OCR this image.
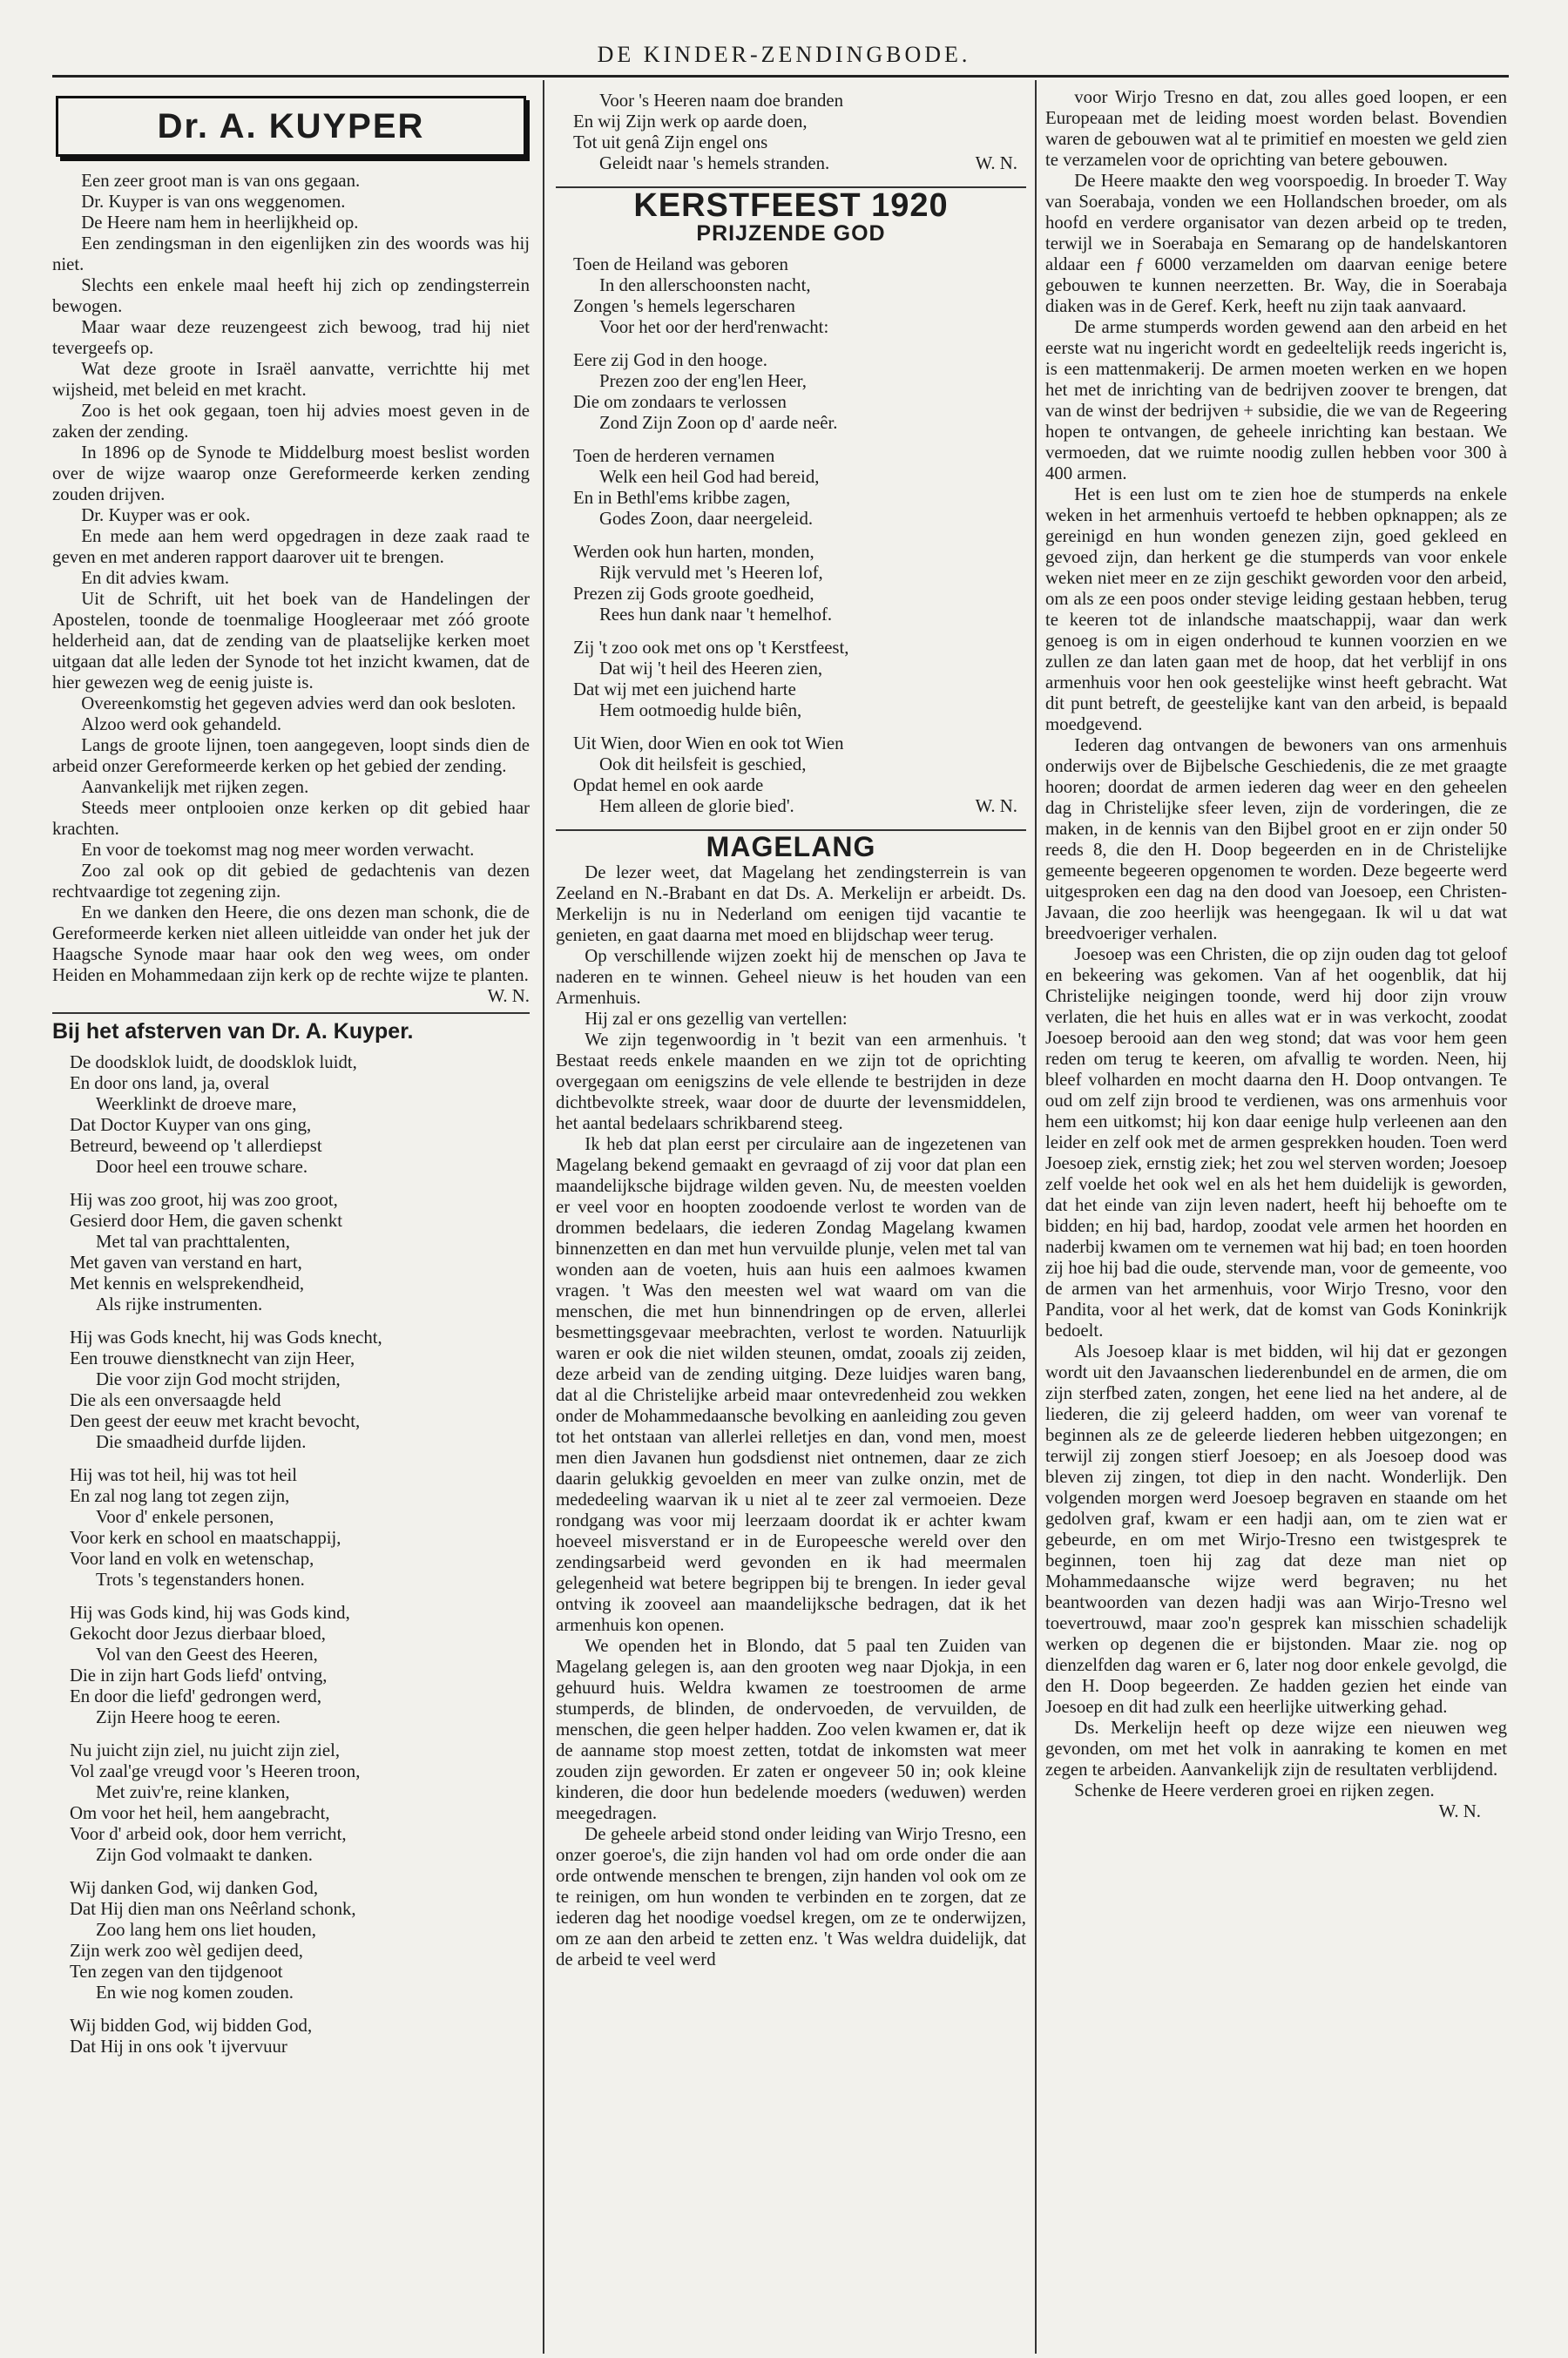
DE KINDER-ZENDINGBODE.
Dr. A. KUYPER

Een zeer groot man is van ons gegaan.

Dr. Kuyper is van ons weggenomen.

De Heere nam hem in heerlijkheid op.

Een zendingsman in den eigenlijken zin des woords was hij niet.

Slechts een enkele maal heeft hij zich op zendingsterrein bewogen.

Maar waar deze reuzengeest zich bewoog, trad hij niet tevergeefs op.

Wat deze groote in Israël aanvatte, verrichtte hij met wijsheid, met beleid en met kracht.

Zoo is het ook gegaan, toen hij advies moest geven in de zaken der zending.

In 1896 op de Synode te Middelburg moest beslist worden over de wijze waarop onze Gereformeerde kerken zending zouden drijven.

Dr. Kuyper was er ook.

En mede aan hem werd opgedragen in deze zaak raad te geven en met anderen rapport daarover uit te brengen.

En dit advies kwam.

Uit de Schrift, uit het boek van de Handelingen der Apostelen, toonde de toenmalige Hoogleeraar met zóó groote helderheid aan, dat de zending van de plaatselijke kerken moet uitgaan dat alle leden der Synode tot het inzicht kwamen, dat de hier gewezen weg de eenig juiste is.

Overeenkomstig het gegeven advies werd dan ook besloten.

Alzoo werd ook gehandeld.

Langs de groote lijnen, toen aangegeven, loopt sinds dien de arbeid onzer Gereformeerde kerken op het gebied der zending.

Aanvankelijk met rijken zegen.

Steeds meer ontplooien onze kerken op dit gebied haar krachten.

En voor de toekomst mag nog meer worden verwacht.

Zoo zal ook op dit gebied de gedachtenis van dezen rechtvaardige tot zegening zijn.

En we danken den Heere, die ons dezen man schonk, die de Gereformeerde kerken niet alleen uitleidde van onder het juk der Haagsche Synode maar haar ook den weg wees, om onder Heiden en Mohammedaan zijn kerk op de rechte wijze te planten.

W. N.

Bij het afsterven van Dr. A. Kuyper.
De doodsklok luidt, de doodsklok luidt,
En door ons land, ja, overal
Weerklinkt de droeve mare,
Dat Doctor Kuyper van ons ging,
Betreurd, beweend op 't allerdiepst
Door heel een trouwe schare.
Hij was zoo groot, hij was zoo groot,
Gesierd door Hem, die gaven schenkt
Met tal van prachttalenten,
Met gaven van verstand en hart,
Met kennis en welsprekendheid,
Als rijke instrumenten.
Hij was Gods knecht, hij was Gods knecht,
Een trouwe dienstknecht van zijn Heer,
Die voor zijn God mocht strijden,
Die als een onversaagde held
Den geest der eeuw met kracht bevocht,
Die smaadheid durfde lijden.
Hij was tot heil, hij was tot heil
En zal nog lang tot zegen zijn,
Voor d' enkele personen,
Voor kerk en school en maatschappij,
Voor land en volk en wetenschap,
Trots 's tegenstanders honen.
Hij was Gods kind, hij was Gods kind,
Gekocht door Jezus dierbaar bloed,
Vol van den Geest des Heeren,
Die in zijn hart Gods liefd' ontving,
En door die liefd' gedrongen werd,
Zijn Heere hoog te eeren.
Nu juicht zijn ziel, nu juicht zijn ziel,
Vol zaal'ge vreugd voor 's Heeren troon,
Met zuiv're, reine klanken,
Om voor het heil, hem aangebracht,
Voor d' arbeid ook, door hem verricht,
Zijn God volmaakt te danken.
Wij danken God, wij danken God,
Dat Hij dien man ons Neêrland schonk,
Zoo lang hem ons liet houden,
Zijn werk zoo wèl gedijen deed,
Ten zegen van den tijdgenoot
En wie nog komen zouden.
Wij bidden God, wij bidden God,
Dat Hij in ons ook 't ijvervuur
Voor 's Heeren naam doe branden
En wij Zijn werk op aarde doen,
Tot uit genâ Zijn engel ons
Geleidt naar 's hemels stranden.	W. N.
KERSTFEEST 1920
PRIJZENDE GOD
Toen de Heiland was geboren
In den allerschoonsten nacht,
Zongen 's hemels legerscharen
Voor het oor der herd'renwacht:
Eere zij God in den hooge.
Prezen zoo der eng'len Heer,
Die om zondaars te verlossen
Zond Zijn Zoon op d' aarde neêr.
Toen de herderen vernamen
Welk een heil God had bereid,
En in Bethl'ems kribbe zagen,
Godes Zoon, daar neergeleid.
Werden ook hun harten, monden,
Rijk vervuld met 's Heeren lof,
Prezen zij Gods groote goedheid,
Rees hun dank naar 't hemelhof.
Zij 't zoo ook met ons op 't Kerstfeest,
Dat wij 't heil des Heeren zien,
Dat wij met een juichend harte
Hem ootmoedig hulde biên,
Uit Wien, door Wien en ook tot Wien
Ook dit heilsfeit is geschied,
Opdat hemel en ook aarde
Hem alleen de glorie bied'.	W. N.
MAGELANG

De lezer weet, dat Magelang het zendingsterrein is van Zeeland en N.-Brabant en dat Ds. A. Merkelijn er arbeidt. Ds. Merkelijn is nu in Nederland om eenigen tijd vacantie te genieten, en gaat daarna met moed en blijdschap weer terug.

Op verschillende wijzen zoekt hij de menschen op Java te naderen en te winnen. Geheel nieuw is het houden van een Armenhuis.

Hij zal er ons gezellig van vertellen:

We zijn tegenwoordig in 't bezit van een armenhuis. 't Bestaat reeds enkele maanden en we zijn tot de oprichting overgegaan om eenigszins de vele ellende te bestrijden in deze dichtbevolkte streek, waar door de duurte der levensmiddelen, het aantal bedelaars schrikbarend steeg.

Ik heb dat plan eerst per circulaire aan de ingezetenen van Magelang bekend gemaakt en gevraagd of zij voor dat plan een maandelijksche bijdrage wilden geven. Nu, de meesten voelden er veel voor en hoopten zoodoende verlost te worden van de drommen bedelaars, die iederen Zondag Magelang kwamen binnenzetten en dan met hun vervuilde plunje, velen met tal van wonden aan de voeten, huis aan huis een aalmoes kwamen vragen. 't Was den meesten wel wat waard om van die menschen, die met hun binnendringen op de erven, allerlei besmettingsgevaar meebrachten, verlost te worden. Natuurlijk waren er ook die niet wilden steunen, omdat, zooals zij zeiden, deze arbeid van de zending uitging. Deze luidjes waren bang, dat al die Christelijke arbeid maar ontevredenheid zou wekken onder de Mohammedaansche bevolking en aanleiding zou geven tot het ontstaan van allerlei relletjes en dan, vond men, moest men dien Javanen hun godsdienst niet ontnemen, daar ze zich daarin gelukkig gevoelden en meer van zulke onzin, met de mededeeling waarvan ik u niet al te zeer zal vermoeien. Deze rondgang was voor mij leerzaam doordat ik er achter kwam hoeveel misverstand er in de Europeesche wereld over den zendingsarbeid werd gevonden en ik had meermalen gelegenheid wat betere begrippen bij te brengen. In ieder geval ontving ik zooveel aan maandelijksche bedragen, dat ik het armenhuis kon openen.

We openden het in Blondo, dat 5 paal ten Zuiden van Magelang gelegen is, aan den grooten weg naar Djokja, in een gehuurd huis. Weldra kwamen ze toestroomen de arme stumperds, de blinden, de ondervoeden, de vervuilden, de menschen, die geen helper hadden. Zoo velen kwamen er, dat ik de aanname stop moest zetten, totdat de inkomsten wat meer zouden zijn geworden. Er zaten er ongeveer 50 in; ook kleine kinderen, die door hun bedelende moeders (weduwen) werden meegedragen.

De geheele arbeid stond onder leiding van Wirjo Tresno, een onzer goeroe's, die zijn handen vol had om orde onder die aan orde ontwende menschen te brengen, zijn handen vol ook om ze te reinigen, om hun wonden te verbinden en te zorgen, dat ze iederen dag het noodige voedsel kregen, om ze te onderwijzen, om ze aan den arbeid te zetten enz. 't Was weldra duidelijk, dat de arbeid te veel werd

voor Wirjo Tresno en dat, zou alles goed loopen, er een Europeaan met de leiding moest worden belast. Bovendien waren de gebouwen wat al te primitief en moesten we geld zien te verzamelen voor de oprichting van betere gebouwen.

De Heere maakte den weg voorspoedig. In broeder T. Way van Soerabaja, vonden we een Hollandschen broeder, om als hoofd en verdere organisator van dezen arbeid op te treden, terwijl we in Soerabaja en Semarang op de handelskantoren aldaar een ƒ 6000 verzamelden om daarvan eenige betere gebouwen te kunnen neerzetten. Br. Way, die in Soerabaja diaken was in de Geref. Kerk, heeft nu zijn taak aanvaard.

De arme stumperds worden gewend aan den arbeid en het eerste wat nu ingericht wordt en gedeeltelijk reeds ingericht is, is een mattenmakerij. De armen moeten werken en we hopen het met de inrichting van de bedrijven zoover te brengen, dat van de winst der bedrijven + subsidie, die we van de Regeering hopen te ontvangen, de geheele inrichting kan bestaan. We vermoeden, dat we ruimte noodig zullen hebben voor 300 à 400 armen.

Het is een lust om te zien hoe de stumperds na enkele weken in het armenhuis vertoefd te hebben opknappen; als ze gereinigd en hun wonden genezen zijn, goed gekleed en gevoed zijn, dan herkent ge die stumperds van voor enkele weken niet meer en ze zijn geschikt geworden voor den arbeid, om als ze een poos onder stevige leiding gestaan hebben, terug te keeren tot de inlandsche maatschappij, waar dan werk genoeg is om in eigen onderhoud te kunnen voorzien en we zullen ze dan laten gaan met de hoop, dat het verblijf in ons armenhuis voor hen ook geestelijke winst heeft gebracht. Wat dit punt betreft, de geestelijke kant van den arbeid, is bepaald moedgevend.

Iederen dag ontvangen de bewoners van ons armenhuis onderwijs over de Bijbelsche Geschiedenis, die ze met graagte hooren; doordat de armen iederen dag weer en den geheelen dag in Christelijke sfeer leven, zijn de vorderingen, die ze maken, in de kennis van den Bijbel groot en er zijn onder 50 reeds 8, die den H. Doop begeerden en in de Christelijke gemeente begeeren opgenomen te worden. Deze begeerte werd uitgesproken een dag na den dood van Joesoep, een Christen-Javaan, die zoo heerlijk was heengegaan. Ik wil u dat wat breedvoeriger verhalen.

Joesoep was een Christen, die op zijn ouden dag tot geloof en bekeering was gekomen. Van af het oogenblik, dat hij Christelijke neigingen toonde, werd hij door zijn vrouw verlaten, die het huis en alles wat er in was verkocht, zoodat Joesoep berooid aan den weg stond; dat was voor hem geen reden om terug te keeren, om afvallig te worden. Neen, hij bleef volharden en mocht daarna den H. Doop ontvangen. Te oud om zelf zijn brood te verdienen, was ons armenhuis voor hem een uitkomst; hij kon daar eenige hulp verleenen aan den leider en zelf ook met de armen gesprekken houden. Toen werd Joesoep ziek, ernstig ziek; het zou wel sterven worden; Joesoep zelf voelde het ook wel en als het hem duidelijk is geworden, dat het einde van zijn leven nadert, heeft hij behoefte om te bidden; en hij bad, hardop, zoodat vele armen het hoorden en naderbij kwamen om te vernemen wat hij bad; en toen hoorden zij hoe hij bad die oude, stervende man, voor de gemeente, voo de armen van het armenhuis, voor Wirjo Tresno, voor den Pandita, voor al het werk, dat de komst van Gods Koninkrijk bedoelt.

Als Joesoep klaar is met bidden, wil hij dat er gezongen wordt uit den Javaanschen liederenbundel en de armen, die om zijn sterfbed zaten, zongen, het eene lied na het andere, al de liederen, die zij geleerd hadden, om weer van vorenaf te beginnen als ze de geleerde liederen hebben uitgezongen; en terwijl zij zongen stierf Joesoep; en als Joesoep dood was bleven zij zingen, tot diep in den nacht. Wonderlijk. Den volgenden morgen werd Joesoep begraven en staande om het gedolven graf, kwam er een hadji aan, om te zien wat er gebeurde, en om met Wirjo-Tresno een twistgesprek te beginnen, toen hij zag dat deze man niet op Mohammedaansche wijze werd begraven; nu het beantwoorden van dezen hadji was aan Wirjo-Tresno wel toevertrouwd, maar zoo'n gesprek kan misschien schadelijk werken op degenen die er bijstonden. Maar zie. nog op dienzelfden dag waren er 6, later nog door enkele gevolgd, die den H. Doop begeerden. Ze hadden gezien het einde van Joesoep en dit had zulk een heerlijke uitwerking gehad.

Ds. Merkelijn heeft op deze wijze een nieuwen weg gevonden, om met het volk in aanraking te komen en met zegen te arbeiden. Aanvankelijk zijn de resultaten verblijdend.

Schenke de Heere verderen groei en rijken zegen.

W. N.
